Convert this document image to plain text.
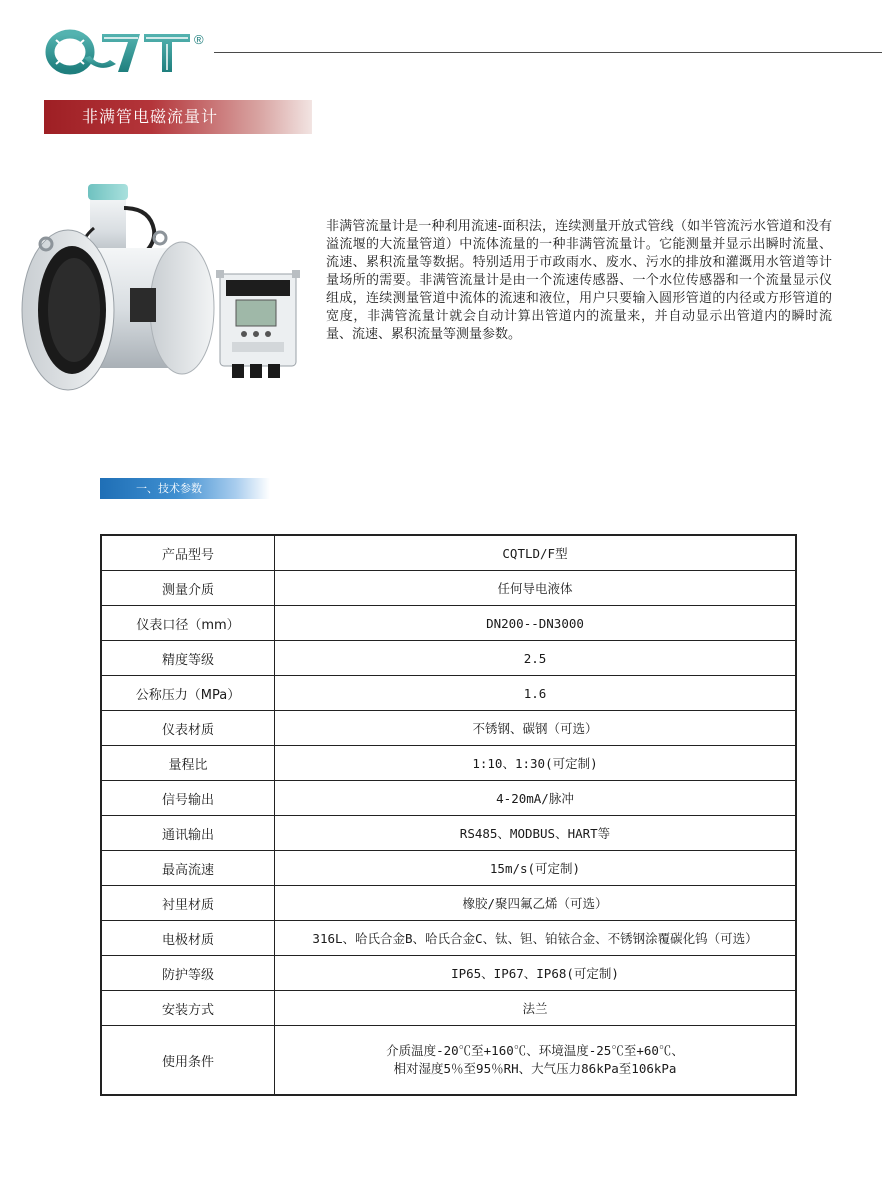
®
非满管电磁流量计

非满管流量计是一种利用流速-面积法，连续测量开放式管线（如半管流污水管道和没有溢流堰的大流量管道）中流体流量的一种非满管流量计。它能测量并显示出瞬时流量、流速、累积流量等数据。特别适用于市政雨水、废水、污水的排放和灌溉用水管道等计量场所的需要。非满管流量计是由一个流速传感器、一个水位传感器和一个流量显示仪组成，连续测量管道中流体的流速和液位，用户只要输入圆形管道的内径或方形管道的宽度，非满管流量计就会自动计算出管道内的流量来，并自动显示出管道内的瞬时流量、流速、累积流量等测量参数。

一、技术参数
产品型号	CQTLD/F型
测量介质	任何导电液体
仪表口径（mm）	DN200--DN3000
精度等级	2.5
公称压力（MPa）	1.6
仪表材质	不锈钢、碳钢（可选）
量程比	1:10、1:30(可定制)
信号输出	4-20mA/脉冲
通讯输出	RS485、MODBUS、HART等
最高流速	15m/s(可定制)
衬里材质	橡胶/聚四氟乙烯（可选）
电极材质	316L、哈氏合金B、哈氏合金C、钛、钽、铂铱合金、不锈钢涂覆碳化钨（可选）
防护等级	IP65、IP67、IP68(可定制)
安装方式	法兰
使用条件	介质温度-20℃至+160℃、环境温度-25℃至+60℃、
相对湿度5％至95％RH、大气压力86kPa至106kPa
